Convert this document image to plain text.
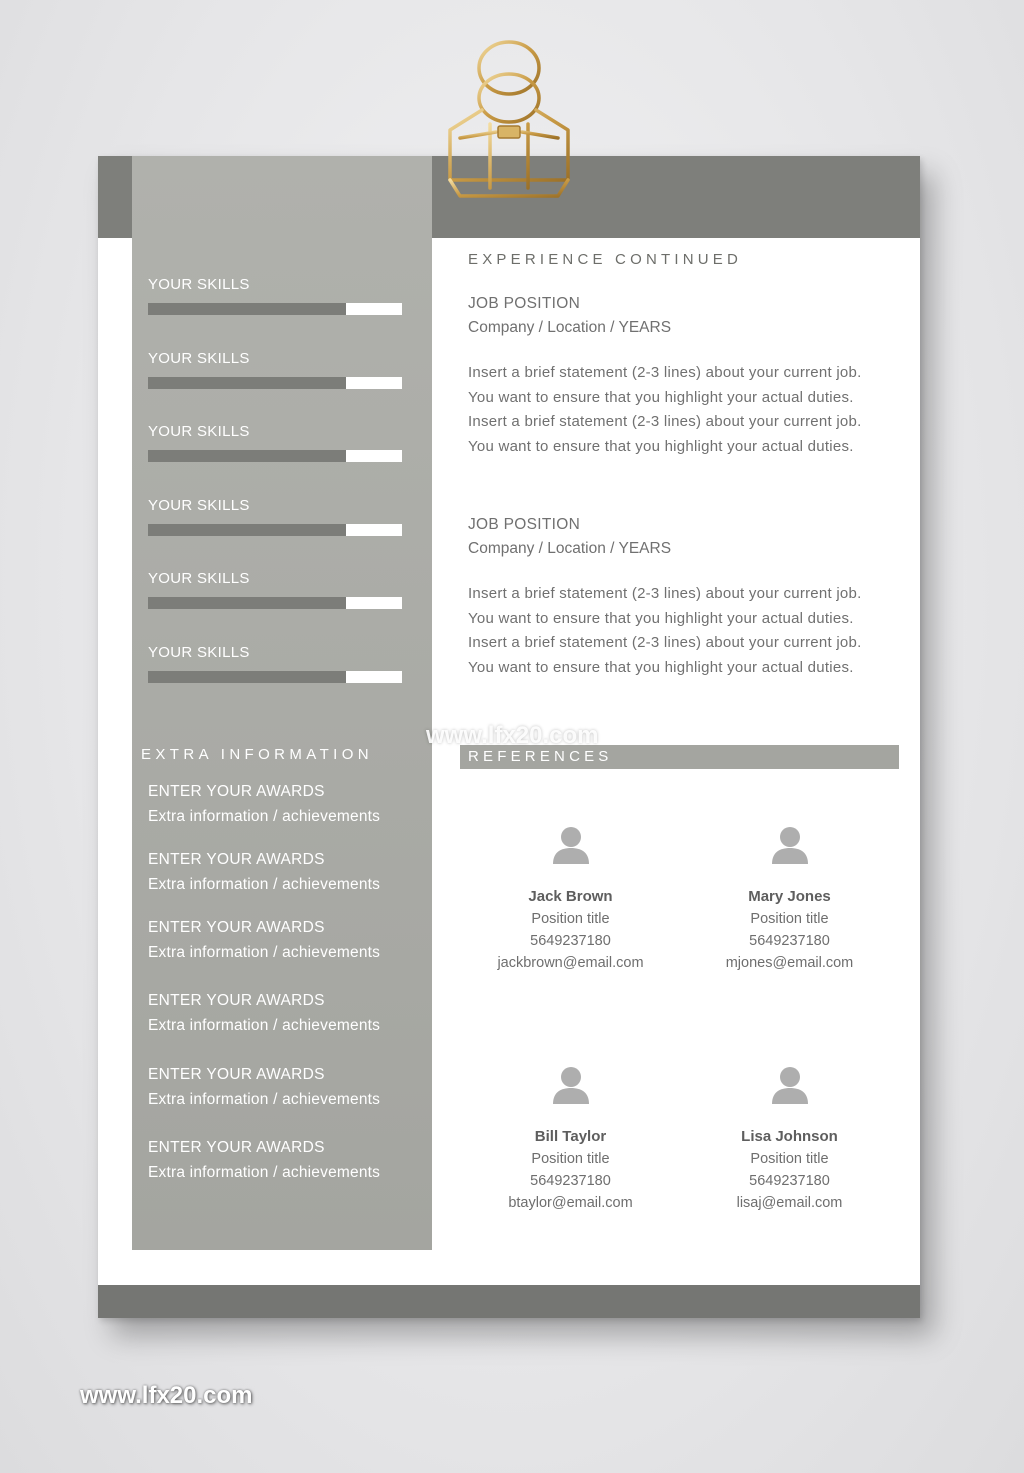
YOUR SKILLS
YOUR SKILLS
YOUR SKILLS
YOUR SKILLS
YOUR SKILLS
YOUR SKILLS
EXTRA INFORMATION
ENTER YOUR AWARDS
Extra information / achievements
ENTER YOUR AWARDS
Extra information / achievements
ENTER YOUR AWARDS
Extra information / achievements
ENTER YOUR AWARDS
Extra information / achievements
ENTER YOUR AWARDS
Extra information / achievements
ENTER YOUR AWARDS
Extra information / achievements
EXPERIENCE CONTINUED
JOB POSITION
Company / Location / YEARS
Insert a brief statement (2-3 lines) about your current job.
You want to ensure that you highlight your actual duties.
Insert a brief statement (2-3 lines) about your current job.
You want to ensure that you highlight your actual duties.
JOB POSITION
Company / Location / YEARS
Insert a brief statement (2-3 lines) about your current job.
You want to ensure that you highlight your actual duties.
Insert a brief statement (2-3 lines) about your current job.
You want to ensure that you highlight your actual duties.
REFERENCES
Jack Brown
Position title
5649237180
jackbrown@email.com
Mary Jones
Position title
5649237180
mjones@email.com
Bill Taylor
Position title
5649237180
btaylor@email.com
Lisa Johnson
Position title
5649237180
lisaj@email.com
www.lfx20.com
www.lfx20.com
